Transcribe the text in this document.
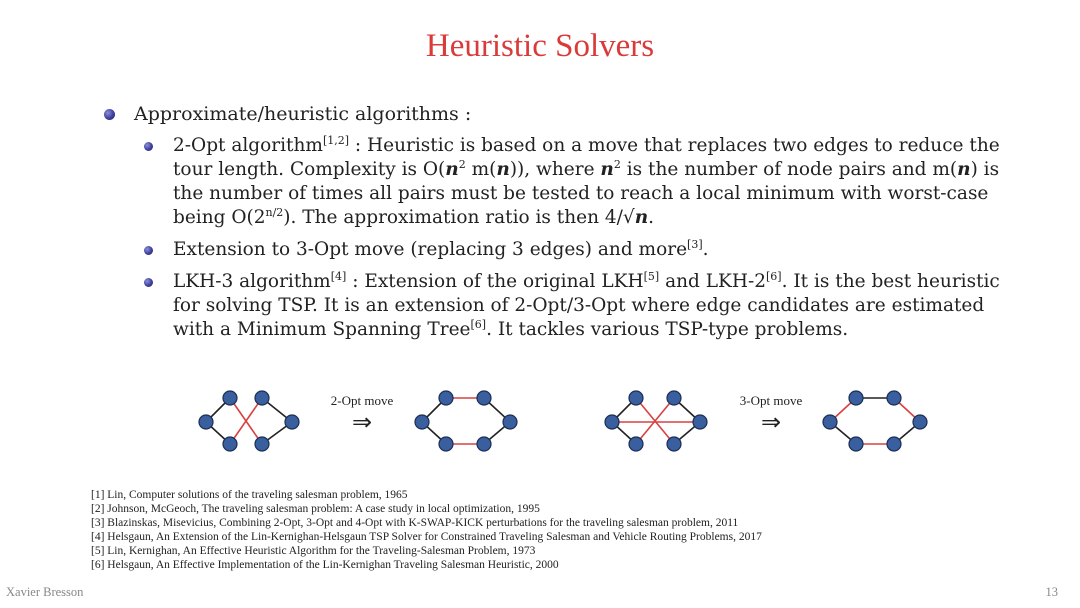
Heuristic Solvers
Approximate/heuristic algorithms :
2-Opt algorithm[1,2] : Heuristic is based on a move that replaces two edges to reduce the tour length. Complexity is $O(n^2$ m(n)), where $n^2$ is the number of node pairs and m(n) is the number of times all pairs must be tested to reach a local minimum with worst-case being $O(2^{n/2})$. The approximation ratio is then 4/√n.
Extension to 3-Opt move (replacing 3 edges) and more[3].
LKH-3 algorithm[4] : Extension of the original LKH[5] and LKH-2[6]. It is the best heuristic for solving TSP. It is an extension of 2-Opt/3-Opt where edge candidates are estimated with a Minimum Spanning Tree[6]. It tackles various TSP-type problems.
2-Opt move
⇒
3-Opt move
⇒
[1] Lin, Computer solutions of the traveling salesman problem, 1965
[2] Johnson, McGeoch, The traveling salesman problem: A case study in local optimization, 1995
[3] Blazinskas, Misevicius, Combining 2-Opt, 3-Opt and 4-Opt with K-SWAP-KICK perturbations for the traveling salesman problem, 2011
[4] Helsgaun, An Extension of the Lin-Kernighan-Helsgaun TSP Solver for Constrained Traveling Salesman and Vehicle Routing Problems, 2017
[5] Lin, Kernighan, An Effective Heuristic Algorithm for the Traveling-Salesman Problem, 1973
[6] Helsgaun, An Effective Implementation of the Lin-Kernighan Traveling Salesman Heuristic, 2000
Xavier Bresson	13
